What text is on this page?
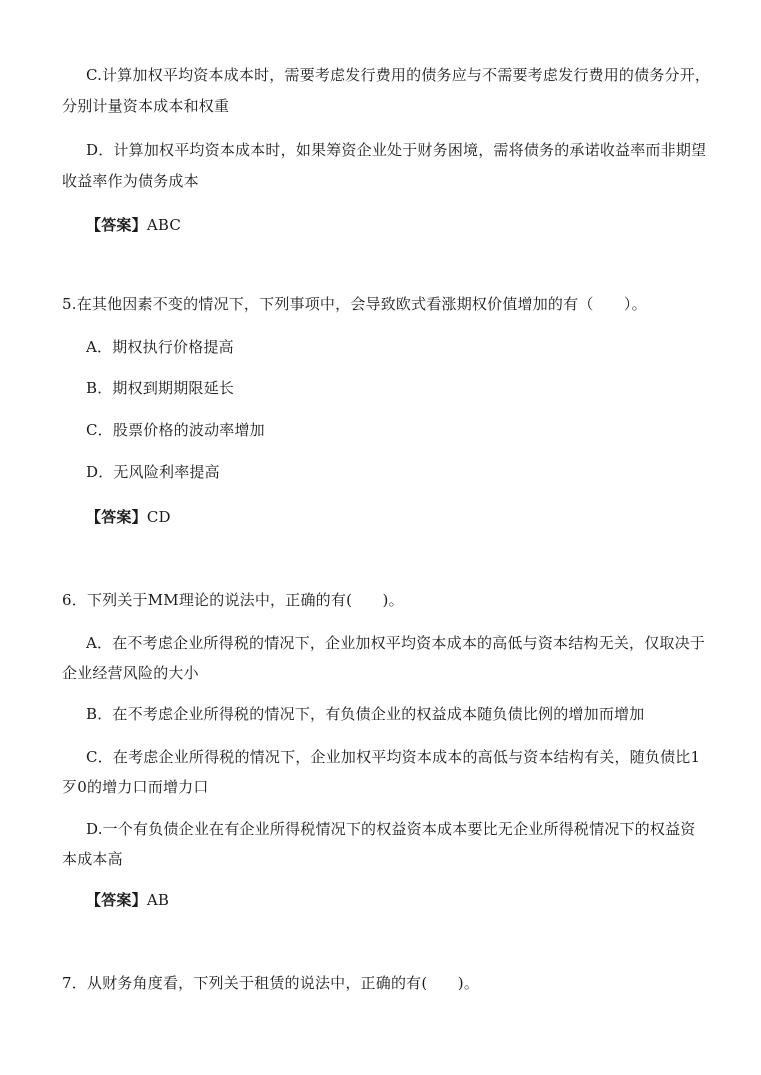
C.计算加权平均资本成本时，需要考虑发行费用的债务应与不需要考虑发行费用的债务分开，
分别计量资本成本和权重
D．计算加权平均资本成本时，如果筹资企业处于财务困境，需将债务的承诺收益率而非期望
收益率作为债务成本
【答案】ABC
5.在其他因素不变的情况下，下列事项中，会导致欧式看涨期权价值增加的有（　　）。
A．期权执行价格提高
B．期权到期期限延长
C．股票价格的波动率增加
D．无风险利率提高
【答案】CD
6．下列关于MM理论的说法中，正确的有(　　)。
A．在不考虑企业所得税的情况下，企业加权平均资本成本的高低与资本结构无关，仅取决于
企业经营风险的大小
B．在不考虑企业所得税的情况下，有负债企业的权益成本随负债比例的增加而增加
C．在考虑企业所得税的情况下，企业加权平均资本成本的高低与资本结构有关，随负债比1
歹0的增力口而增力口
D.一个有负债企业在有企业所得税情况下的权益资本成本要比无企业所得税情况下的权益资
本成本高
【答案】AB
7．从财务角度看，下列关于租赁的说法中，正确的有(　　)。
